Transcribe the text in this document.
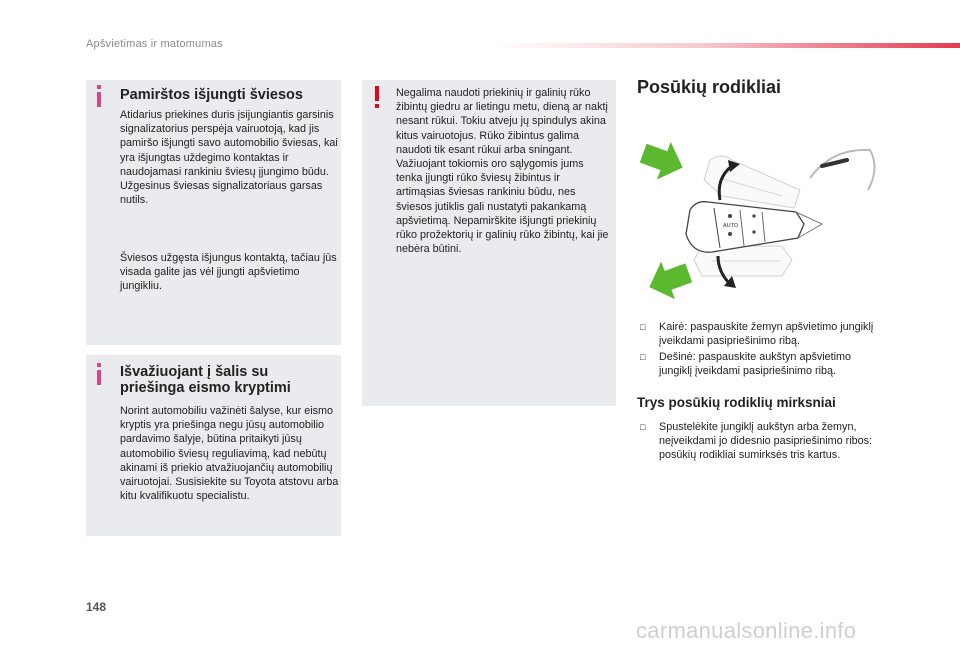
Apšvietimas ir matomumas
Pamirštos išjungti šviesos
Atidarius priekines duris įsijungiantis garsinis signalizatorius perspėja vairuotoją, kad jis pamiršo išjungti savo automobilio šviesas, kai yra išjungtas uždegimo kontaktas ir naudojamasi rankiniu šviesų įjungimo būdu. Užgesinus šviesas signalizatoriaus garsas nutils.
Šviesos užgęsta išjungus kontaktą, tačiau jūs visada galite jas vėl įjungti apšvietimo jungikliu.
Išvažiuojant į šalis su priešinga eismo kryptimi
Norint automobiliu važinėti šalyse, kur eismo kryptis yra priešinga negu jūsų automobilio pardavimo šalyje, būtina pritaikyti jūsų automobilio šviesų reguliavimą, kad nebūtų akinami iš priekio atvažiuojančių automobilių vairuotojai. Susisiekite su Toyota atstovu arba kitu kvalifikuotu specialistu.
Negalima naudoti priekinių ir galinių rūko žibintų giedru ar lietingu metu, dieną ar naktį nesant rūkui. Tokiu atveju jų spindulys akina kitus vairuotojus. Rūko žibintus galima naudoti tik esant rūkui arba sningant. Važiuojant tokiomis oro sąlygomis jums tenka įjungti rūko šviesų žibintus ir artimąsias šviesas rankiniu būdu, nes šviesos jutiklis gali nustatyti pakankamą apšvietimą. Nepamirškite išjungti priekinių rūko prožektorių ir galinių rūko žibintų, kai jie nebėra būtini.
Posūkių rodikliai
AUTO
□ Kairė: paspauskite žemyn apšvietimo jungiklį įveikdami pasipriešinimo ribą.
□ Dešinė: paspauskite aukštyn apšvietimo jungiklį įveikdami pasipriešinimo ribą.
Trys posūkių rodiklių mirksniai
□ Spustelėkite jungiklį aukštyn arba žemyn, neįveikdami jo didesnio pasipriešinimo ribos: posūkių rodikliai sumirksės tris kartus.
148
carmanualsonline.info
